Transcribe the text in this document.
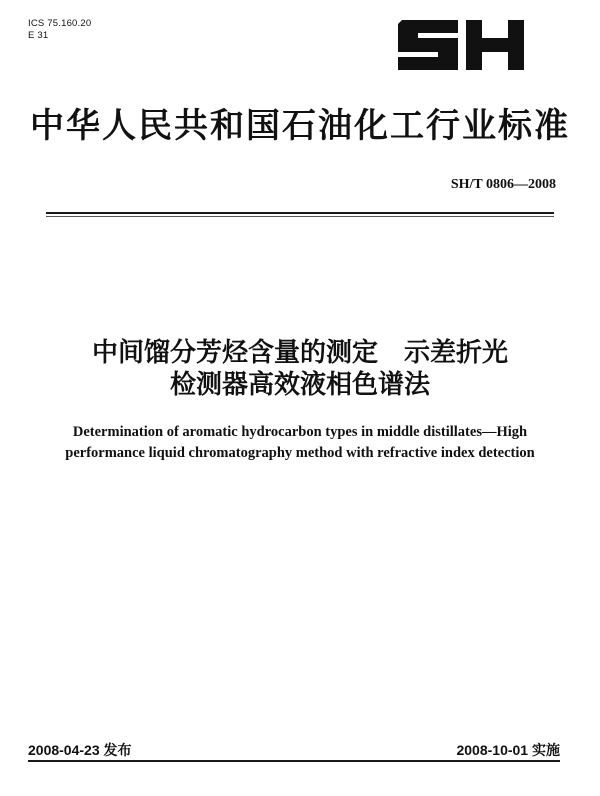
ICS 75.160.20
E 31
中华人民共和国石油化工行业标准
SH/T 0806—2008
中间馏分芳烃含量的测定　示差折光
检测器高效液相色谱法
Determination of aromatic hydrocarbon types in middle distillates—High
performance liquid chromatography method with refractive index detection
2008-04-23 发布	2008-10-01 实施
